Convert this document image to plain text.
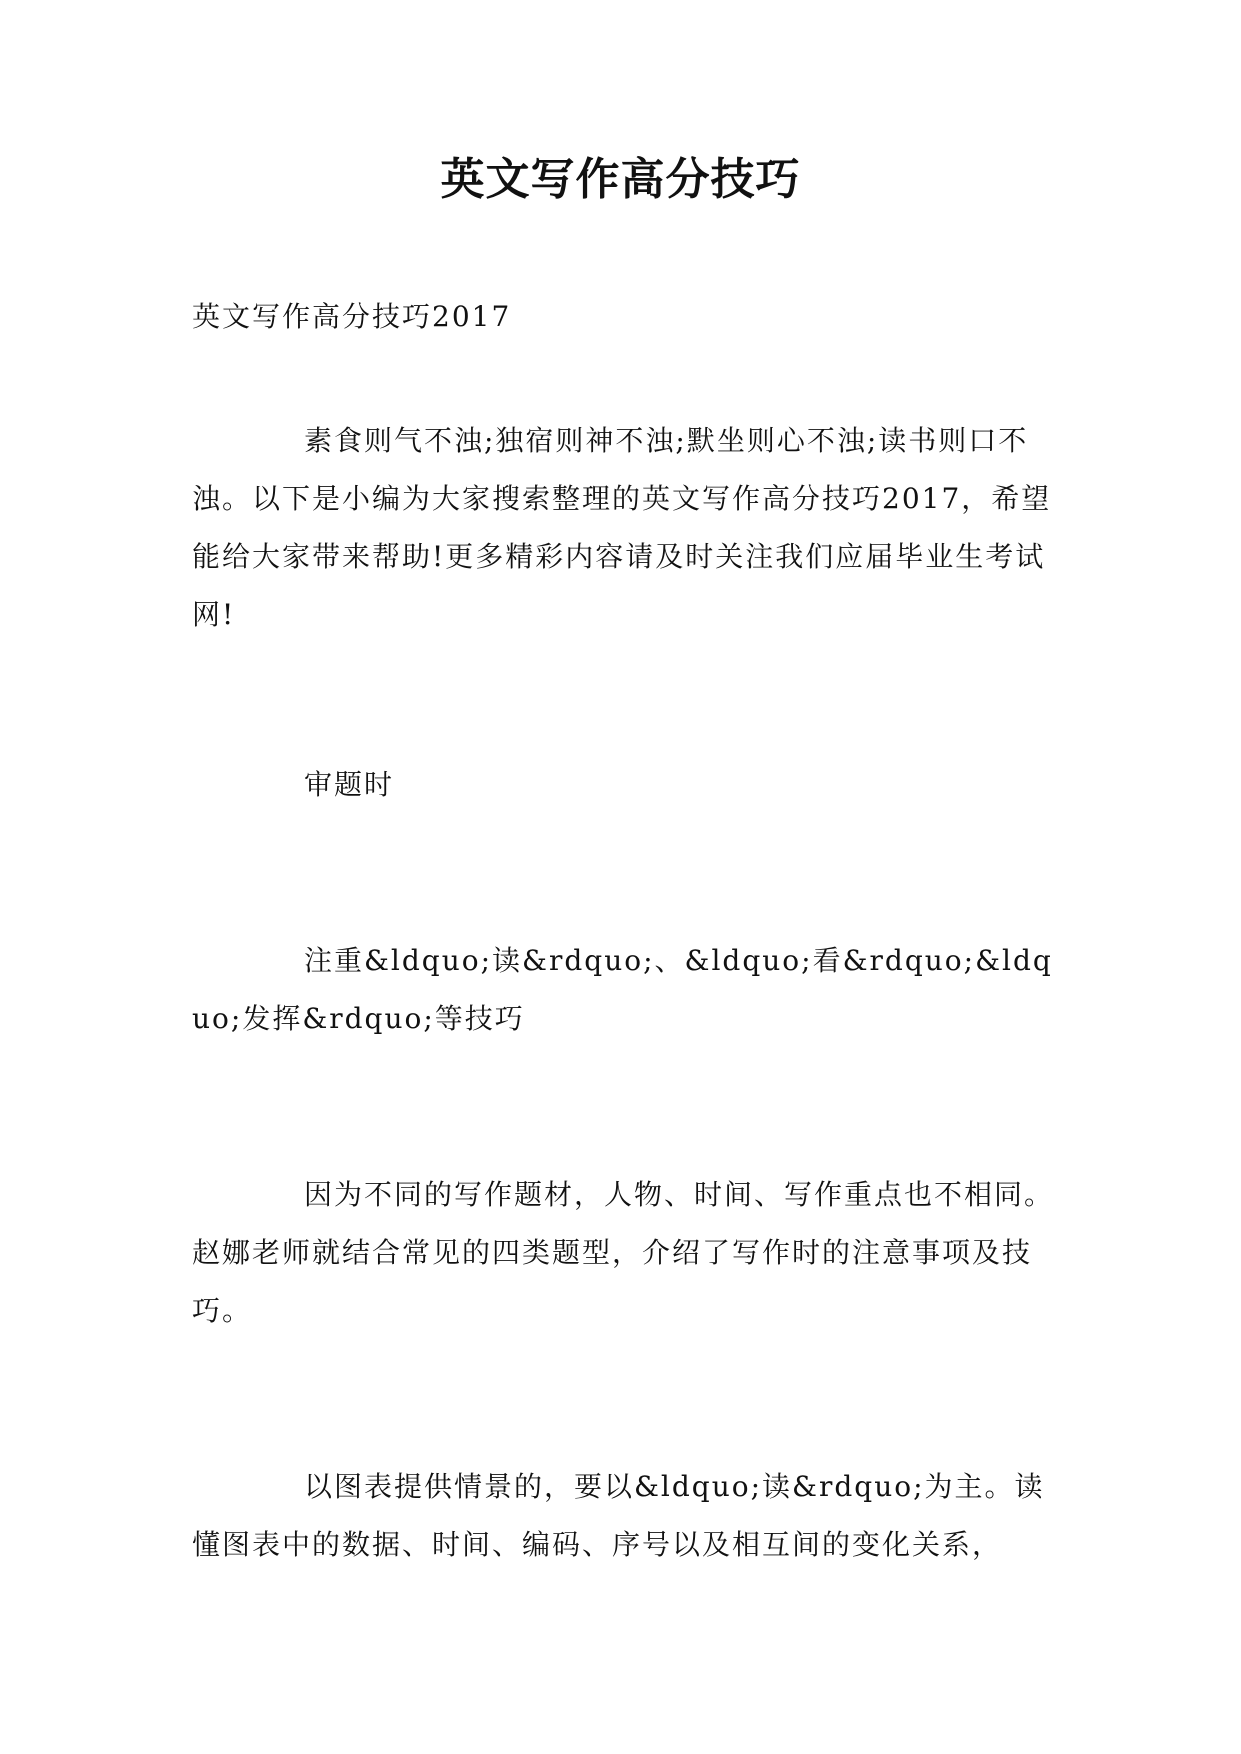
英文写作高分技巧

英文写作高分技巧2017

素食则气不浊;独宿则神不浊;默坐则心不浊;读书则口不浊。以下是小编为大家搜索整理的英文写作高分技巧2017，希望能给大家带来帮助!更多精彩内容请及时关注我们应届毕业生考试网!

审题时

注重&ldquo;读&rdquo;、&ldquo;看&rdquo;&ldquo;发挥&rdquo;等技巧

因为不同的写作题材，人物、时间、写作重点也不相同。赵娜老师就结合常见的四类题型，介绍了写作时的注意事项及技巧。

以图表提供情景的，要以&ldquo;读&rdquo;为主。读懂图表中的数据、时间、编码、序号以及相互间的变化关系，
